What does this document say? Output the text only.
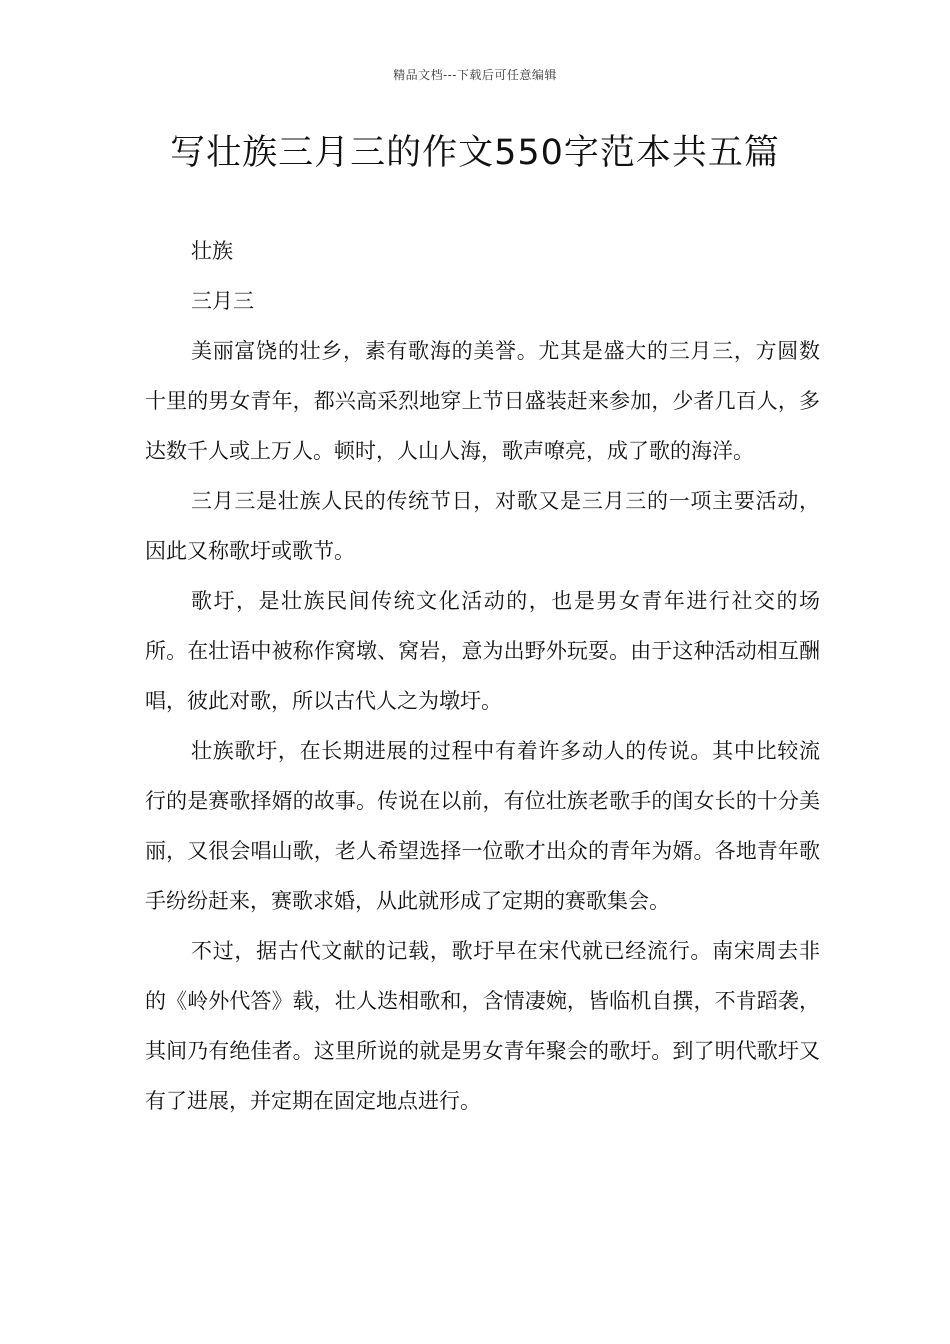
精品文档---下载后可任意编辑
写壮族三月三的作文550字范本共五篇

壮族

三月三

美丽富饶的壮乡，素有歌海的美誉。尤其是盛大的三月三，方圆数十里的男女青年，都兴高采烈地穿上节日盛装赶来参加，少者几百人，多达数千人或上万人。顿时，人山人海，歌声嘹亮，成了歌的海洋。

三月三是壮族人民的传统节日，对歌又是三月三的一项主要活动，因此又称歌圩或歌节。

歌圩，是壮族民间传统文化活动的，也是男女青年进行社交的场所。在壮语中被称作窝墩、窝岩，意为出野外玩耍。由于这种活动相互酬唱，彼此对歌，所以古代人之为墩圩。

壮族歌圩，在长期进展的过程中有着许多动人的传说。其中比较流行的是赛歌择婿的故事。传说在以前，有位壮族老歌手的闺女长的十分美丽，又很会唱山歌，老人希望选择一位歌才出众的青年为婿。各地青年歌手纷纷赶来，赛歌求婚，从此就形成了定期的赛歌集会。

不过，据古代文献的记载，歌圩早在宋代就已经流行。南宋周去非的《岭外代答》载，壮人迭相歌和，含情凄婉，皆临机自撰，不肯蹈袭，其间乃有绝佳者。这里所说的就是男女青年聚会的歌圩。到了明代歌圩又有了进展，并定期在固定地点进行。
